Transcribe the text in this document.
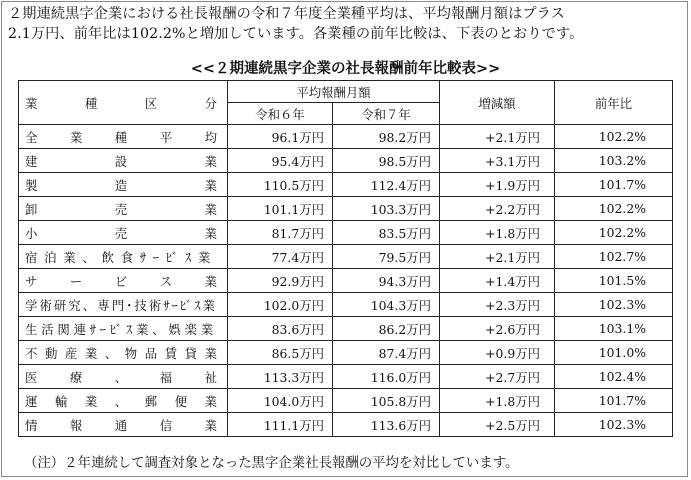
２期連続黒字企業における社長報酬の令和７年度全業種平均は、平均報酬月額はプラス
2.1万円、前年比は102.2%と増加しています。各業種の前年比較は、下表のとおりです。

<<２期連続黒字企業の社長報酬前年比較表>>
業　種　区　分	平均報酬月額		増減額	前年比
	令和６年	令和７年		
全業種平均	96.1万円	98.2万円	+2.1万円	102.2%
建設業	95.4万円	98.5万円	+3.1万円	103.2%
製造業	110.5万円	112.4万円	+1.9万円	101.7%
卸売業	101.1万円	103.3万円	+2.2万円	102.2%
小売業	81.7万円	83.5万円	+1.8万円	102.2%
宿泊業、飲食ｻｰﾋﾞｽ業	77.4万円	79.5万円	+2.1万円	102.7%
サービス業	92.9万円	94.3万円	+1.4万円	101.5%
学術研究、専門･技術ｻｰﾋﾞｽ業	102.0万円	104.3万円	+2.3万円	102.3%
生活関連ｻｰﾋﾞｽ業、娯楽業	83.6万円	86.2万円	+2.6万円	103.1%
不動産業、物品賃貸業	86.5万円	87.4万円	+0.9万円	101.0%
医療、福祉	113.3万円	116.0万円	+2.7万円	102.4%
運輸業、郵便業	104.0万円	105.8万円	+1.8万円	101.7%
情報通信業	111.1万円	113.6万円	+2.5万円	102.3%

（注）２年連続して調査対象となった黒字企業社長報酬の平均を対比しています。
